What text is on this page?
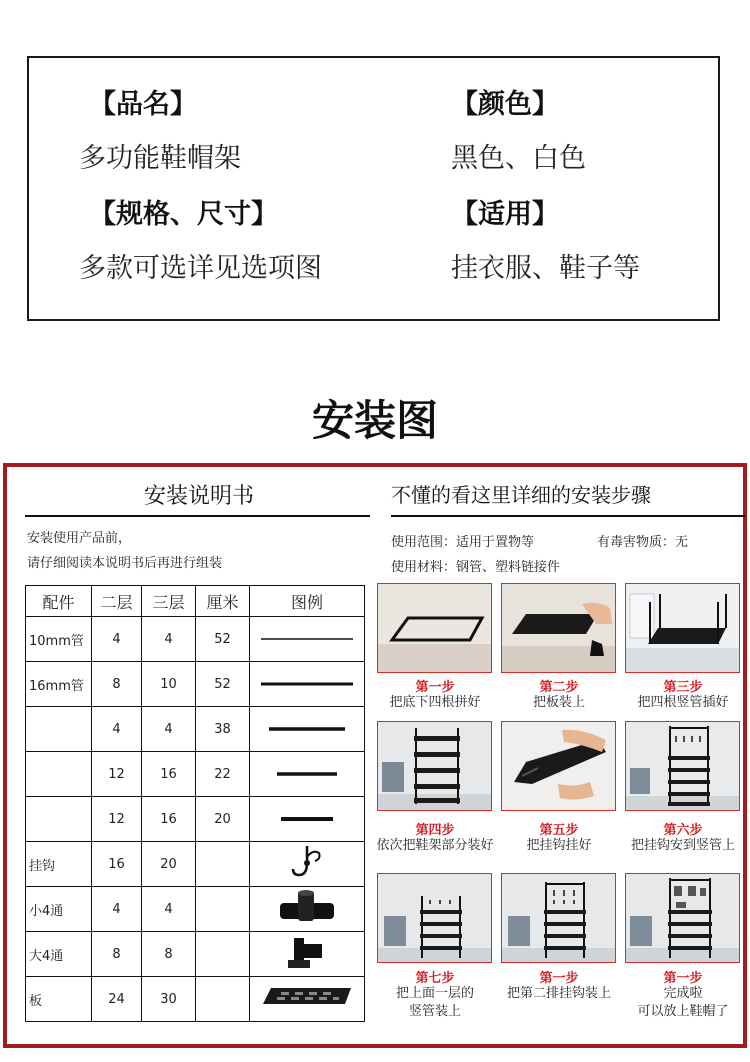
【品名】
多功能鞋帽架
【颜色】
黑色、白色
【规格、尺寸】
多款可选详见选项图
【适用】
挂衣服、鞋子等
安装图
安装说明书
安装使用产品前，
请仔细阅读本说明书后再进行组装
配件	二层	三层	厘米	图例
10mm管	4	4	52	
16mm管	8	10	52	
	4	4	38	
	12	16	22	
	12	16	20	
挂钩	16	20		
小4通	4	4		
大4通	8	8		
板	24	30		
不懂的看这里详细的安装步骤
使用范围：适用于置物等	有毒害物质：无
使用材料：钢管、塑料链接件
第一步
把底下四根拼好
第二步
把板装上
第三步
把四根竖管插好
第四步
依次把鞋架部分装好
第五步
把挂钩挂好
第六步
把挂钩安到竖管上
第七步
把上面一层的
竖管装上
第一步
把第二排挂钩装上
第一步
完成啦
可以放上鞋帽了
